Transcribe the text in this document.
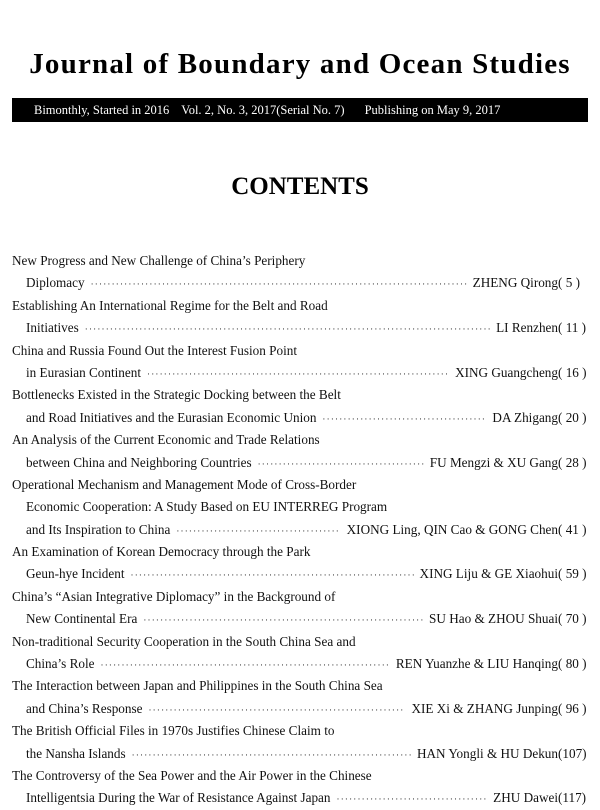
Journal of Boundary and Ocean Studies
Bimonthly, Started in 2016 Vol. 2, No. 3, 2017(Serial No. 7) Publishing on May 9, 2017
CONTENTS
New Progress and New Challenge of China’s Periphery
Diplomacy ·····	ZHENG Qirong ( 5 )
Establishing An International Regime for the Belt and Road
Initiatives ·····	LI Renzhen ( 11 )
China and Russia Found Out the Interest Fusion Point
in Eurasian Continent ·····	XING Guangcheng ( 16 )
Bottlenecks Existed in the Strategic Docking between the Belt
and Road Initiatives and the Eurasian Economic Union ·····	DA Zhigang ( 20 )
An Analysis of the Current Economic and Trade Relations
between China and Neighboring Countries ·····	FU Mengzi & XU Gang ( 28 )
Operational Mechanism and Management Mode of Cross-Border
Economic Cooperation: A Study Based on EU INTERREG Program
and Its Inspiration to China ·····	XIONG Ling, QIN Cao & GONG Chen ( 41 )
An Examination of Korean Democracy through the Park
Geun-hye Incident ·····	XING Liju & GE Xiaohui ( 59 )
China’s “Asian Integrative Diplomacy” in the Background of
New Continental Era ·····	SU Hao & ZHOU Shuai ( 70 )
Non-traditional Security Cooperation in the South China Sea and
China’s Role ·····	REN Yuanzhe & LIU Hanqing ( 80 )
The Interaction between Japan and Philippines in the South China Sea
and China’s Response ·····	XIE Xi & ZHANG Junping ( 96 )
The British Official Files in 1970s Justifies Chinese Claim to
the Nansha Islands ·····	HAN Yongli & HU Dekun (107)
The Controversy of the Sea Power and the Air Power in the Chinese
Intelligentsia During the War of Resistance Against Japan ·····	ZHU Dawei (117)
